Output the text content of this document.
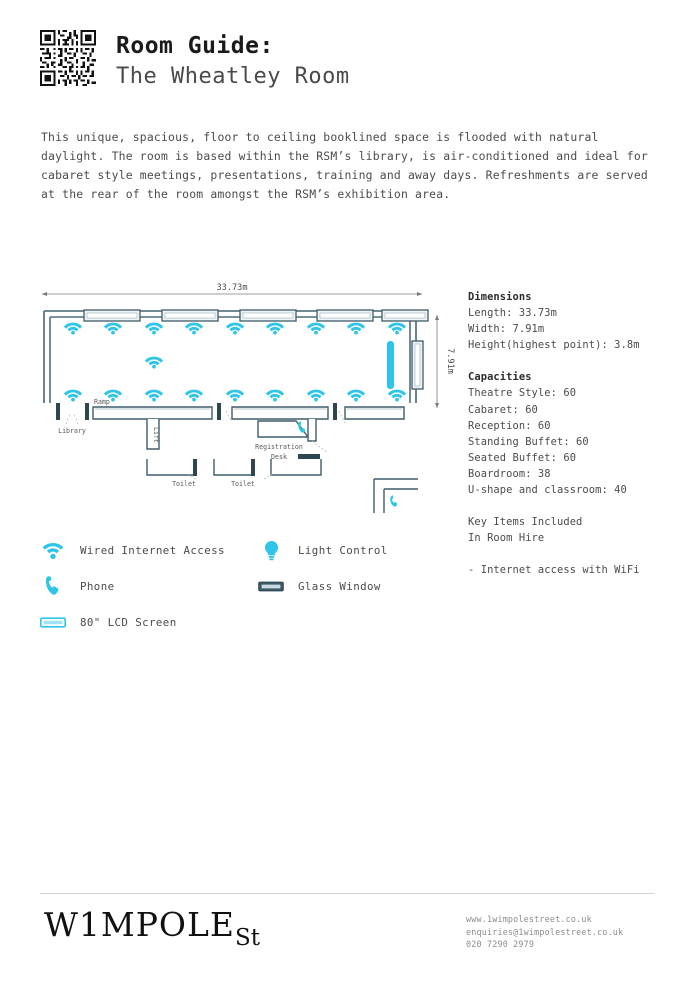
Room Guide:
The Wheatley Room
This unique, spacious, floor to ceiling booklined space is flooded with natural daylight. The room is based within the RSM’s library, is air-conditioned and ideal for cabaret style meetings, presentations, training and away days. Refreshments are served at the rear of the room amongst the RSM’s exhibition area.
33.73m
7.91m
Library
Ramp
Lift
Toilet	Toilet
Registration
Desk
Dimensions
Length: 33.73m
Width: 7.91m
Height(highest point): 3.8m
Capacities
Theatre Style: 60
Cabaret: 60
Reception: 60
Standing Buffet: 60
Seated Buffet: 60
Boardroom: 38
U-shape and classroom: 40
Key Items Included
In Room Hire
- Internet access with WiFi
Wired Internet Access	Light Control
Phone	Glass Window
80" LCD Screen
$W1MPOLE_{St}$
www.1wimpolestreet.co.uk
enquiries@1wimpolestreet.co.uk
020 7290 2979
